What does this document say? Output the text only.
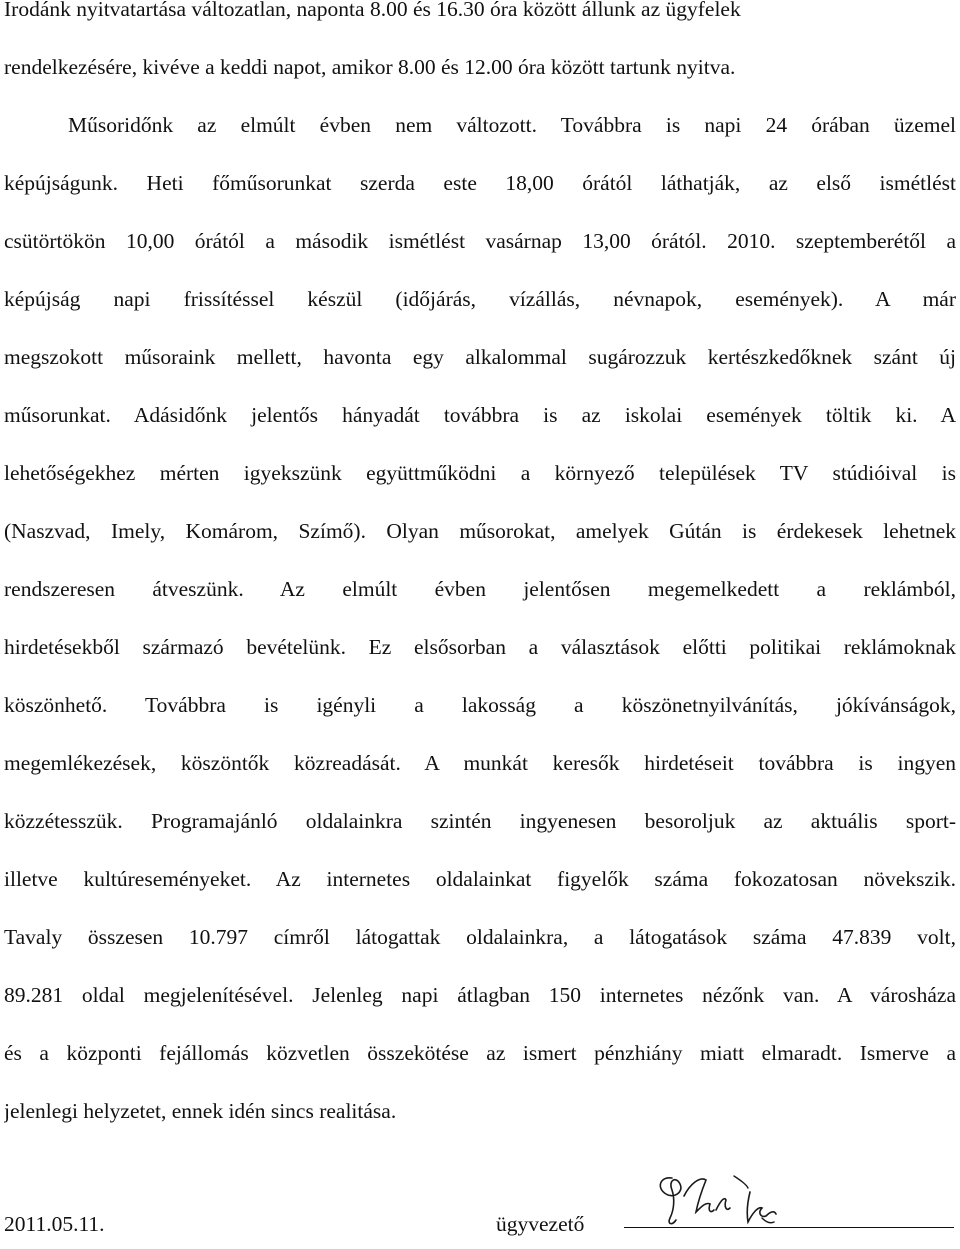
Irodánk nyitvatartása változatlan, naponta 8.00 és 16.30 óra között állunk az ügyfelek
rendelkezésére, kivéve a keddi napot, amikor 8.00 és 12.00 óra között tartunk nyitva.
Műsoridőnk az elmúlt évben nem változott. Továbbra is napi 24 órában üzemel
képújságunk. Heti főműsorunkat szerda este 18,00 órától láthatják, az első ismétlést
csütörtökön 10,00 órától a második ismétlést vasárnap 13,00 órától. 2010. szeptemberétől a
képújság napi frissítéssel készül (időjárás, vízállás, névnapok, események). A már
megszokott műsoraink mellett, havonta egy alkalommal sugározzuk kertészkedőknek szánt új
műsorunkat. Adásidőnk jelentős hányadát továbbra is az iskolai események töltik ki. A
lehetőségekhez mérten igyekszünk együttműködni a környező települések TV stúdióival is
(Naszvad, Imely, Komárom, Szímő). Olyan műsorokat, amelyek Gútán is érdekesek lehetnek
rendszeresen átveszünk. Az elmúlt évben jelentősen megemelkedett a reklámból,
hirdetésekből származó bevételünk. Ez elsősorban a választások előtti politikai reklámoknak
köszönhető. Továbbra is igényli a lakosság a köszönetnyilvánítás, jókívánságok,
megemlékezések, köszöntők közreadását. A munkát keresők hirdetéseit továbbra is ingyen
közzétesszük. Programajánló oldalainkra szintén ingyenesen besoroljuk az aktuális sport-
illetve kultúreseményeket. Az internetes oldalainkat figyelők száma fokozatosan növekszik.
Tavaly összesen 10.797 címről látogattak oldalainkra, a látogatások száma 47.839 volt,
89.281 oldal megjelenítésével. Jelenleg napi átlagban 150 internetes nézőnk van. A városháza
és a központi fejállomás közvetlen összekötése az ismert pénzhiány miatt elmaradt. Ismerve a
jelenlegi helyzetet, ennek idén sincs realitása.
2011.05.11.	ügyvezető
